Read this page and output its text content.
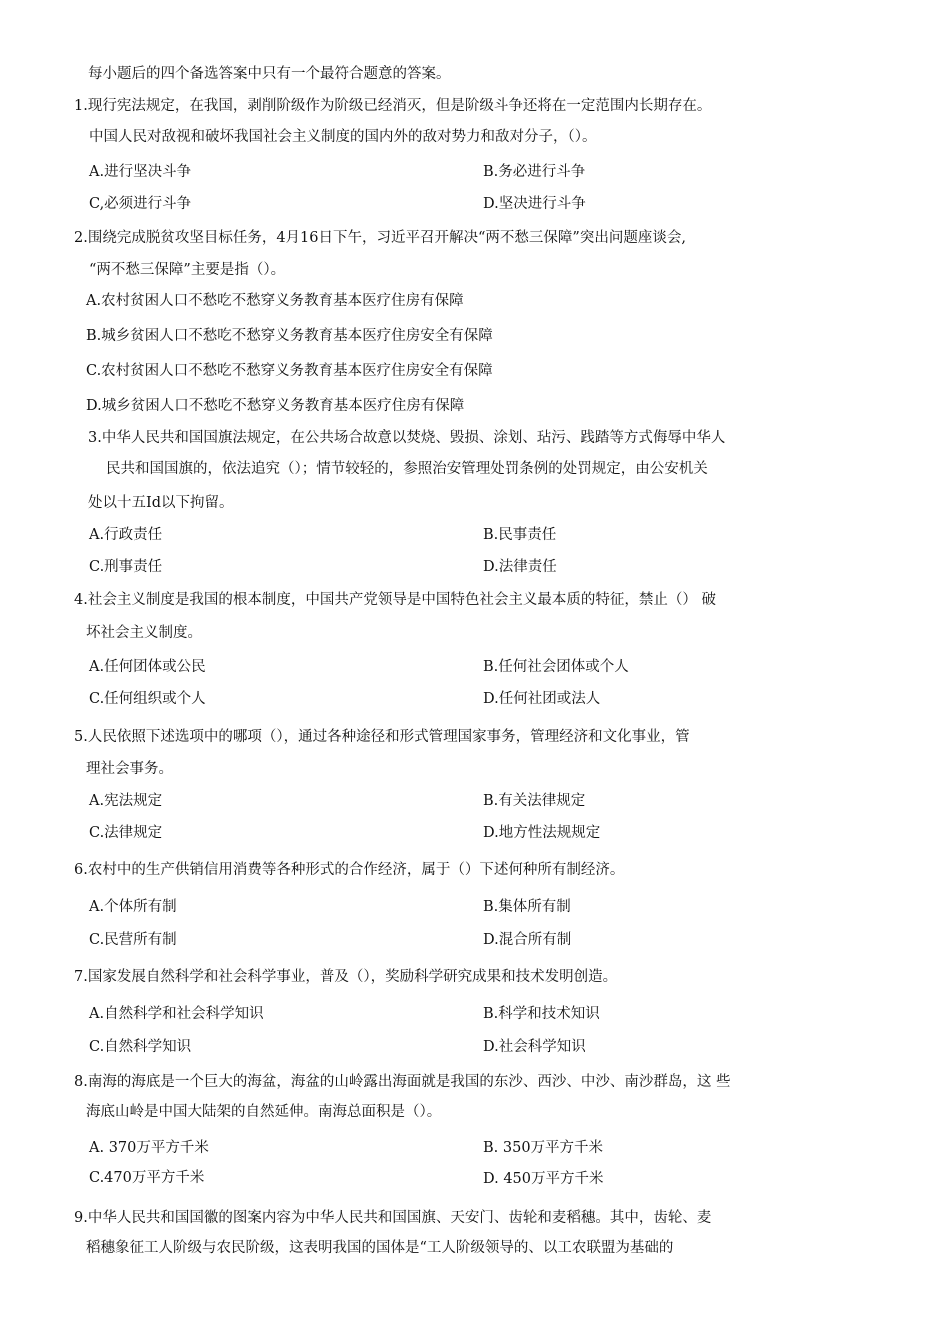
每小题后的四个备选答案中只有一个最符合题意的答案。
1.现行宪法规定，在我国，剥削阶级作为阶级已经消灭，但是阶级斗争还将在一定范围内长期存在。
中国人民对敌视和破坏我国社会主义制度的国内外的敌对势力和敌对分子，（）。
A.进行坚决斗争	B.务必进行斗争
C,必须进行斗争	D.坚决进行斗争
2.围绕完成脱贫攻坚目标任务，4月16日下午，习近平召开解决“两不愁三保障”突出问题座谈会,
“两不愁三保障”主要是指（）。
A.农村贫困人口不愁吃不愁穿义务教育基本医疗住房有保障
B.城乡贫困人口不愁吃不愁穿义务教育基本医疗住房安全有保障
C.农村贫困人口不愁吃不愁穿义务教育基本医疗住房安全有保障
D.城乡贫困人口不愁吃不愁穿义务教育基本医疗住房有保障
3.中华人民共和国国旗法规定，在公共场合故意以焚烧、毁损、涂划、玷污、践踏等方式侮辱中华人
民共和国国旗的，依法追究（）；情节较轻的，参照治安管理处罚条例的处罚规定，由公安机关
处以十五Id以下拘留。
A.行政责任	B.民事责任
C.刑事责任	D.法律责任
4.社会主义制度是我国的根本制度，中国共产党领导是中国特色社会主义最本质的特征，禁止（） 破
坏社会主义制度。
A.任何团体或公民	B.任何社会团体或个人
C.任何组织或个人	D.任何社团或法人
5.人民依照下述选项中的哪项（），通过各种途径和形式管理国家事务，管理经济和文化事业，管
理社会事务。
A.宪法规定	B.有关法律规定
C.法律规定	D.地方性法规规定
6.农村中的生产供销信用消费等各种形式的合作经济，属于（）下述何种所有制经济。
A.个体所有制	B.集体所有制
C.民营所有制	D.混合所有制
7.国家发展自然科学和社会科学事业，普及（），奖励科学研究成果和技术发明创造。
A.自然科学和社会科学知识	B.科学和技术知识
C.自然科学知识	D.社会科学知识
8.南海的海底是一个巨大的海盆，海盆的山岭露出海面就是我国的东沙、西沙、中沙、南沙群岛，这 些
海底山岭是中国大陆架的自然延伸。南海总面积是（）。
A. 370万平方千米	B. 350万平方千米
C.470万平方千米	D. 450万平方千米
9.中华人民共和国国徽的图案内容为中华人民共和国国旗、天安门、齿轮和麦稻穗。其中，齿轮、麦
稻穗象征工人阶级与农民阶级，这表明我国的国体是“工人阶级领导的、以工农联盟为基础的
